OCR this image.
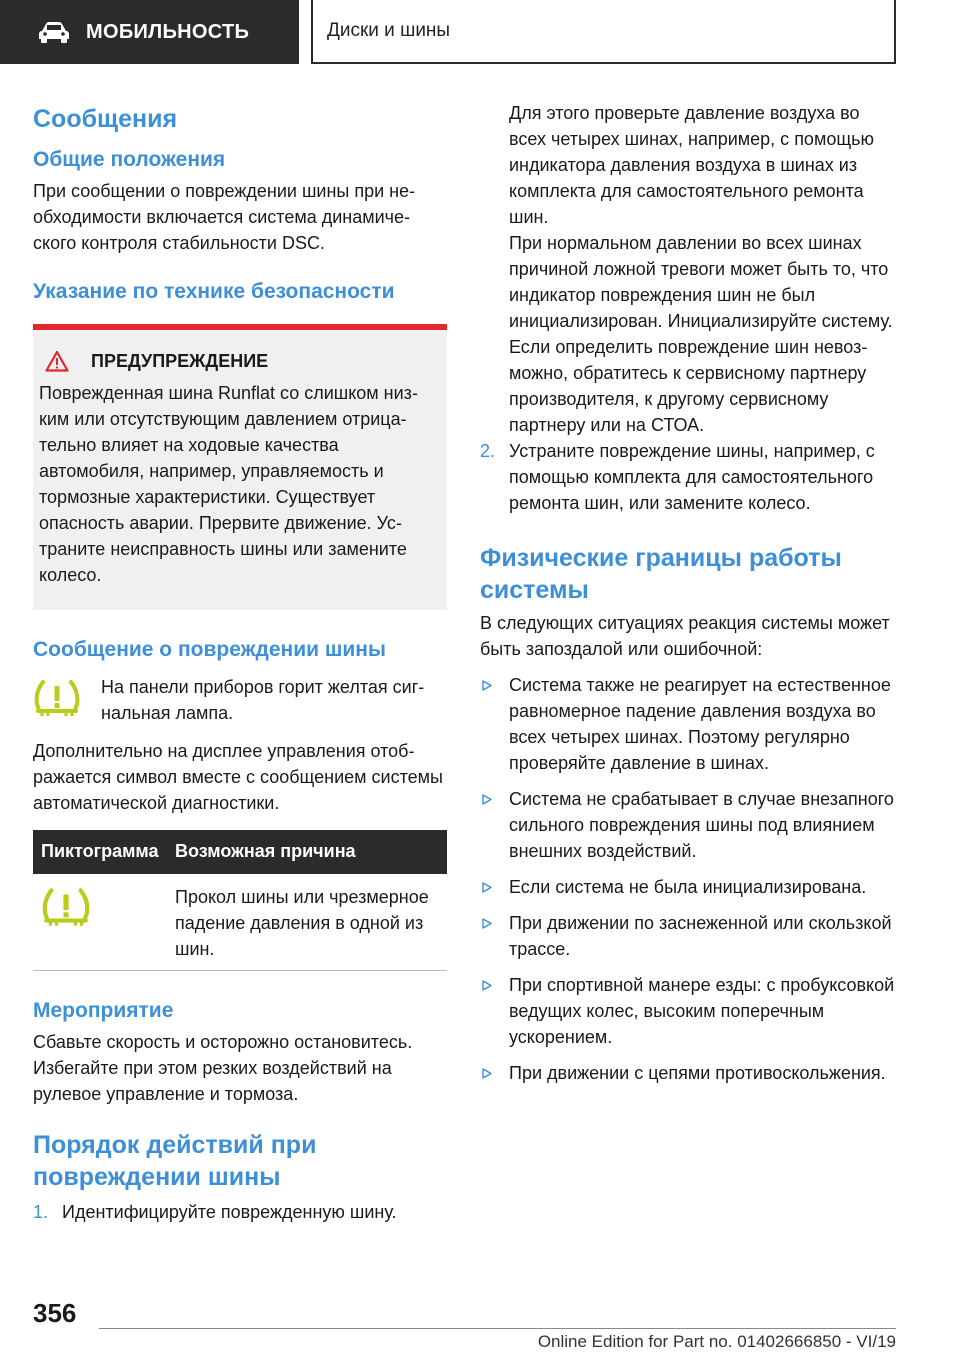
МОБИЛЬНОСТЬ	Диски и шины
Сообщения
Общие положения

При сообщении о повреждении шины при необходимости включается система динамического контроля стабильности DSC.

Указание по технике безопасности
ПРЕДУПРЕЖДЕНИЕ

Поврежденная шина Runflat со слишком низким или отсутствующим давлением отрицательно влияет на ходовые качества автомобиля, например, управляемость и тормозные характеристики. Существует опасность аварии. Прервите движение. Устраните неисправность шины или замените колесо.

Сообщение о повреждении шины

На панели приборов горит желтая сигнальная лампа.

Дополнительно на дисплее управления отображается символ вместе с сообщением системы автоматической диагностики.

Пиктограмма	Возможная причина
	Прокол шины или чрезмерное падение давления в одной из шин.
Мероприятие

Сбавьте скорость и осторожно остановитесь. Избегайте при этом резких воздействий на рулевое управление и тормоза.

Порядок действий при повреждении шины
1. Идентифицируйте поврежденную шину.

Для этого проверьте давление воздуха во всех четырех шинах, например, с помощью индикатора давления воздуха в шинах из комплекта для самостоятельного ремонта шин.

При нормальном давлении во всех шинах причиной ложной тревоги может быть то, что индикатор повреждения шин не был инициализирован. Инициализируйте систему.

Если определить повреждение шин невозможно, обратитесь к сервисному партнеру производителя, к другому сервисному партнеру или на СТОА.

2. Устраните повреждение шины, например, с помощью комплекта для самостоятельного ремонта шин, или замените колесо.
Физические границы работы системы

В следующих ситуациях реакция системы может быть запоздалой или ошибочной:

Система также не реагирует на естественное равномерное падение давления воздуха во всех четырех шинах. Поэтому регулярно проверяйте давление в шинах.
Система не срабатывает в случае внезапного сильного повреждения шины под влиянием внешних воздействий.
Если система не была инициализирована.
При движении по заснеженной или скользкой трассе.
При спортивной манере езды: с пробуксовкой ведущих колес, высоким поперечным ускорением.
При движении с цепями противоскольжения.
356
Online Edition for Part no. 01402666850 - VI/19
